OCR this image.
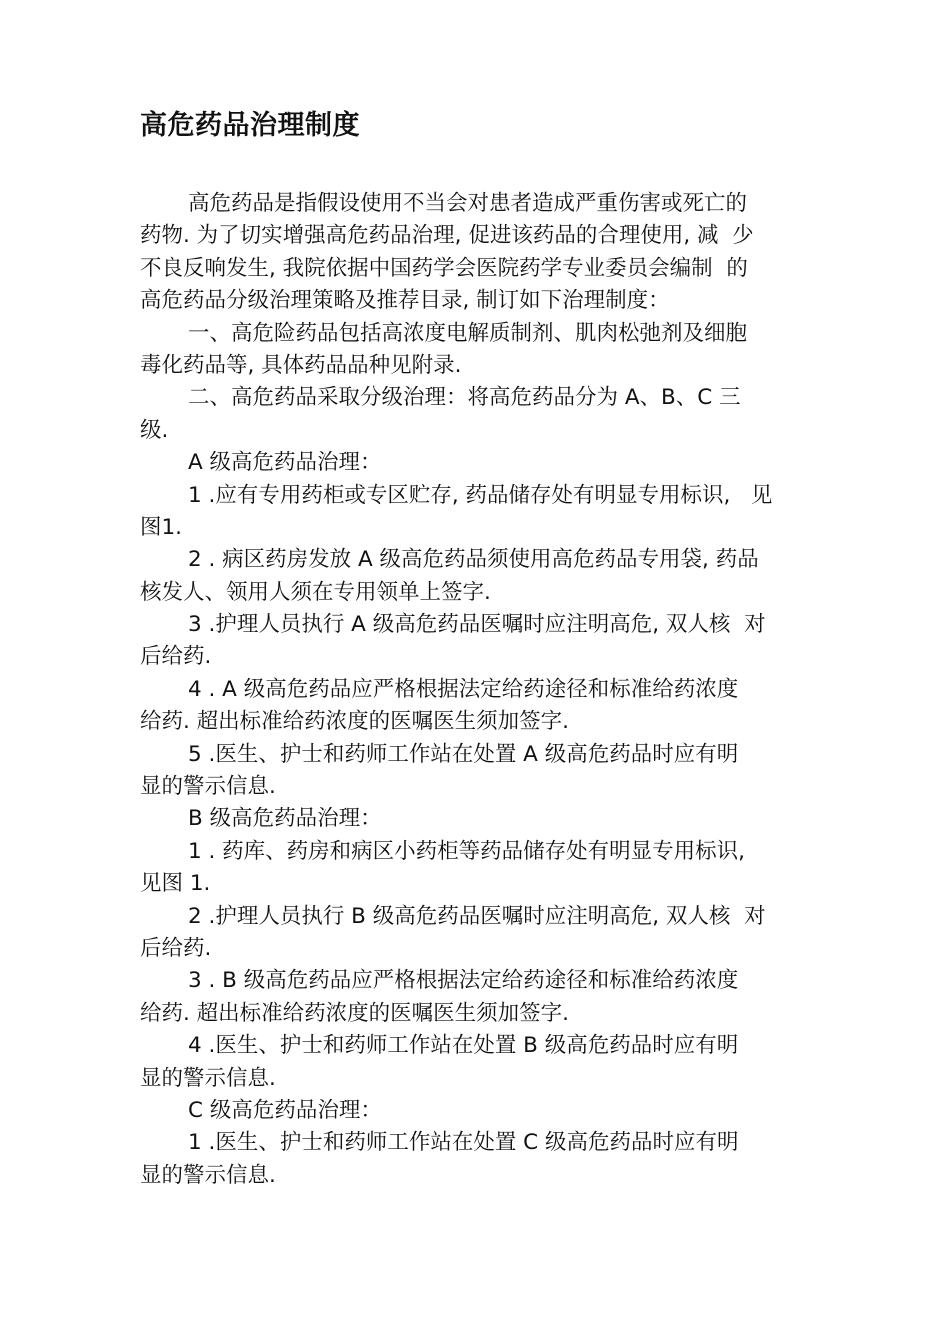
高危药品治理制度
高危药品是指假设使用不当会对患者造成严重伤害或死亡的
药物. 为了切实增强高危药品治理, 促进该药品的合理使用, 减  少
不良反响发生, 我院依据中国药学会医院药学专业委员会编制  的
高危药品分级治理策略及推荐目录, 制订如下治理制度：
一、高危险药品包括高浓度电解质制剂、肌肉松弛剂及细胞
毒化药品等, 具体药品品种见附录.
二、高危药品采取分级治理：将高危药品分为 A、B、C 三
级.
A 级高危药品治理：
1 .应有专用药柜或专区贮存, 药品储存处有明显专用标识,   见
图1.
2 . 病区药房发放 A 级高危药品须使用高危药品专用袋, 药品
核发人、领用人须在专用领单上签字.
3 .护理人员执行 A 级高危药品医嘱时应注明高危, 双人核  对
后给药.
4 . A 级高危药品应严格根据法定给药途径和标准给药浓度
给药. 超出标准给药浓度的医嘱医生须加签字.
5 .医生、护士和药师工作站在处置 A 级高危药品时应有明
显的警示信息.
B 级高危药品治理：
1 . 药库、药房和病区小药柜等药品储存处有明显专用标识,
见图 1.
2 .护理人员执行 B 级高危药品医嘱时应注明高危, 双人核  对
后给药.
3 . B 级高危药品应严格根据法定给药途径和标准给药浓度
给药. 超出标准给药浓度的医嘱医生须加签字.
4 .医生、护士和药师工作站在处置 B 级高危药品时应有明
显的警示信息.
C 级高危药品治理：
1 .医生、护士和药师工作站在处置 C 级高危药品时应有明
显的警示信息.
